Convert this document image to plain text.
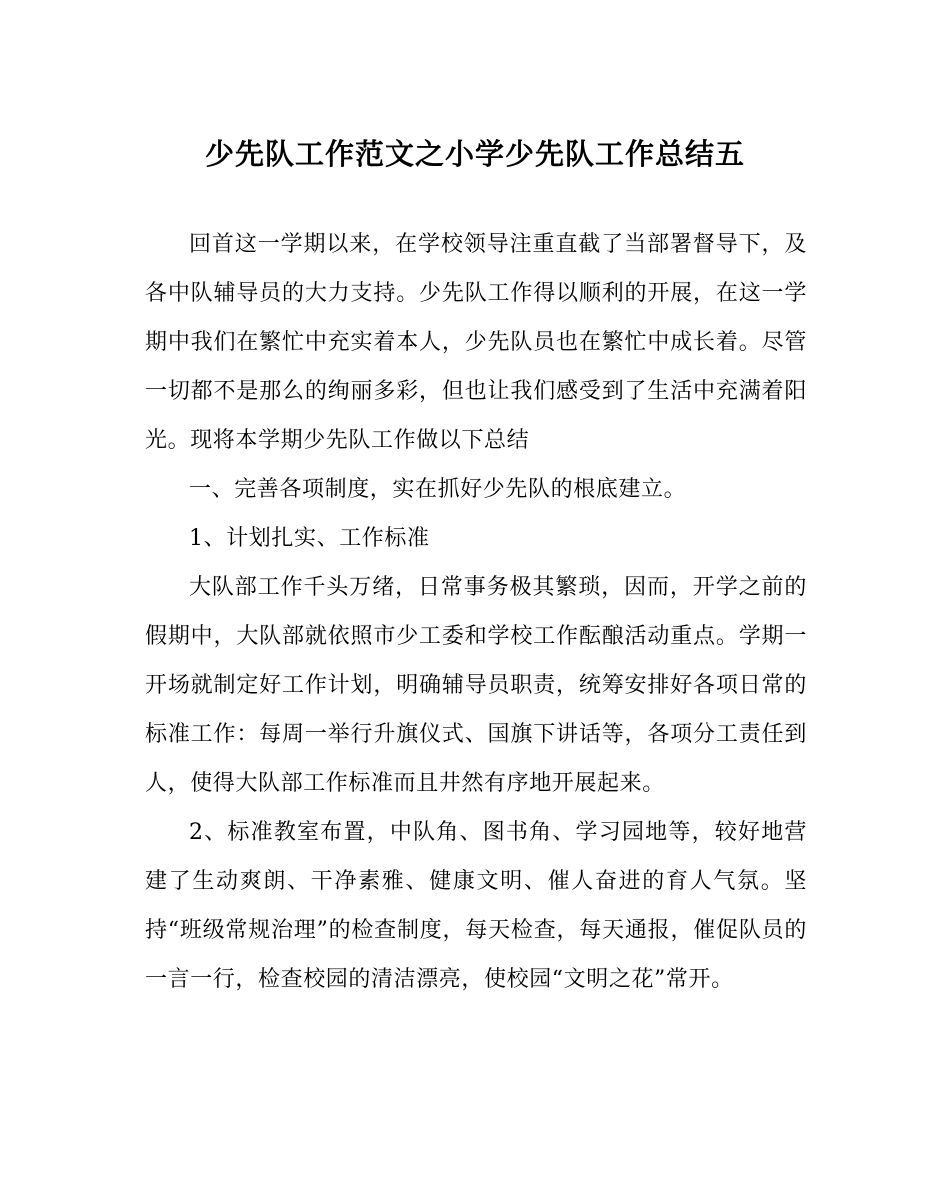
少先队工作范文之小学少先队工作总结五

回首这一学期以来，在学校领导注重直截了当部署督导下，及各中队辅导员的大力支持。少先队工作得以顺利的开展，在这一学期中我们在繁忙中充实着本人，少先队员也在繁忙中成长着。尽管一切都不是那么的绚丽多彩，但也让我们感受到了生活中充满着阳光。现将本学期少先队工作做以下总结

一、完善各项制度，实在抓好少先队的根底建立。

1、计划扎实、工作标准

大队部工作千头万绪，日常事务极其繁琐，因而，开学之前的假期中，大队部就依照市少工委和学校工作酝酿活动重点。学期一开场就制定好工作计划，明确辅导员职责，统筹安排好各项日常的标准工作：每周一举行升旗仪式、国旗下讲话等，各项分工责任到人，使得大队部工作标准而且井然有序地开展起来。

2、标准教室布置，中队角、图书角、学习园地等，较好地营建了生动爽朗、干净素雅、健康文明、催人奋进的育人气氛。坚持“班级常规治理”的检查制度，每天检查，每天通报，催促队员的一言一行，检查校园的清洁漂亮，使校园“文明之花”常开。
